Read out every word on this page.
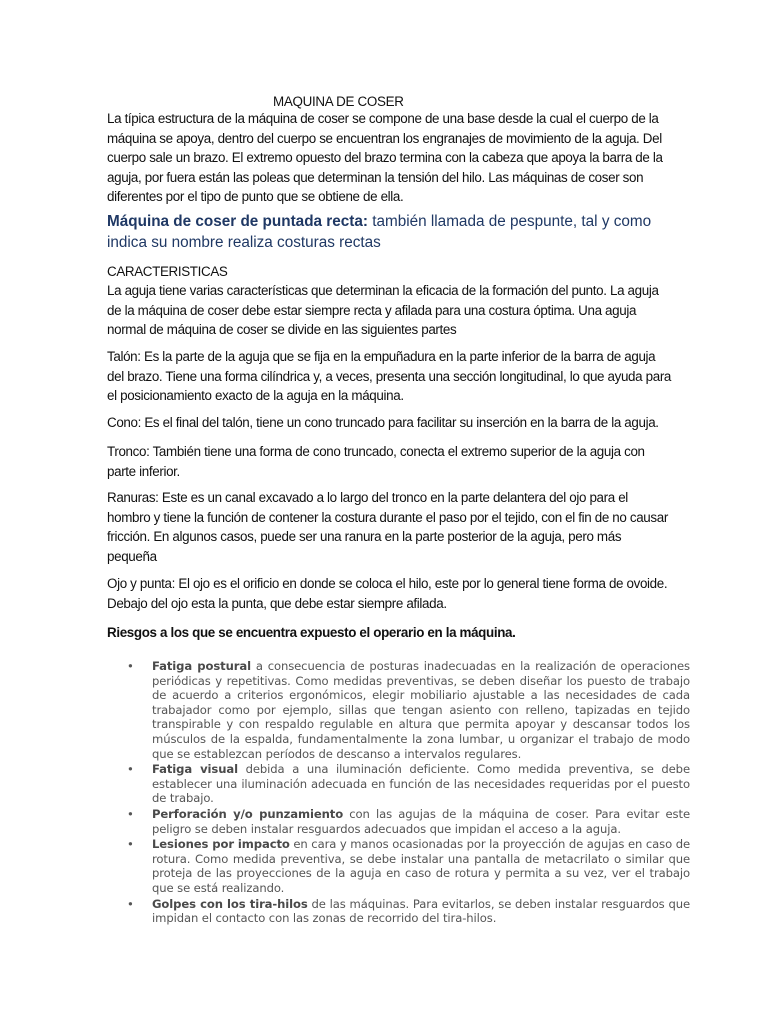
MAQUINA DE COSER

La típica estructura de la máquina de coser se compone de una base desde la cual el cuerpo de la máquina se apoya, dentro del cuerpo se encuentran los engranajes de movimiento de la aguja. Del cuerpo sale un brazo. El extremo opuesto del brazo termina con la cabeza que apoya la barra de la aguja, por fuera están las poleas que determinan la tensión del hilo. Las máquinas de coser son diferentes por el tipo de punto que se obtiene de ella.

Máquina de coser de puntada recta: también llamada de pespunte, tal y como indica su nombre realiza costuras rectas

CARACTERISTICAS

La aguja tiene varias características que determinan la eficacia de la formación del punto. La aguja de la máquina de coser debe estar siempre recta y afilada para una costura óptima. Una aguja normal de máquina de coser se divide en las siguientes partes

Talón: Es la parte de la aguja que se fija en la empuñadura en la parte inferior de la barra de aguja del brazo. Tiene una forma cilíndrica y, a veces, presenta una sección longitudinal, lo que ayuda para el posicionamiento exacto de la aguja en la máquina.

Cono: Es el final del talón, tiene un cono truncado para facilitar su inserción en la barra de la aguja.

Tronco: También tiene una forma de cono truncado, conecta el extremo superior de la aguja con parte inferior.

Ranuras: Este es un canal excavado a lo largo del tronco en la parte delantera del ojo para el hombro y tiene la función de contener la costura durante el paso por el tejido, con el fin de no causar fricción. En algunos casos, puede ser una ranura en la parte posterior de la aguja, pero más pequeña

Ojo y punta: El ojo es el orificio en donde se coloca el hilo, este por lo general tiene forma de ovoide. Debajo del ojo esta la punta, que debe estar siempre afilada.

Riesgos a los que se encuentra expuesto el operario en la máquina.

• Fatiga postural a consecuencia de posturas inadecuadas en la realización de operaciones periódicas y repetitivas. Como medidas preventivas, se deben diseñar los puesto de trabajo de acuerdo a criterios ergonómicos, elegir mobiliario ajustable a las necesidades de cada trabajador como por ejemplo, sillas que tengan asiento con relleno, tapizadas en tejido transpirable y con respaldo regulable en altura que permita apoyar y descansar todos los músculos de la espalda, fundamentalmente la zona lumbar, u organizar el trabajo de modo que se establezcan períodos de descanso a intervalos regulares.
• Fatiga visual debida a una iluminación deficiente. Como medida preventiva, se debe establecer una iluminación adecuada en función de las necesidades requeridas por el puesto de trabajo.
• Perforación y/o punzamiento con las agujas de la máquina de coser. Para evitar este peligro se deben instalar resguardos adecuados que impidan el acceso a la aguja.
• Lesiones por impacto en cara y manos ocasionadas por la proyección de agujas en caso de rotura. Como medida preventiva, se debe instalar una pantalla de metacrilato o similar que proteja de las proyecciones de la aguja en caso de rotura y permita a su vez, ver el trabajo que se está realizando.
• Golpes con los tira-hilos de las máquinas. Para evitarlos, se deben instalar resguardos que impidan el contacto con las zonas de recorrido del tira-hilos.
